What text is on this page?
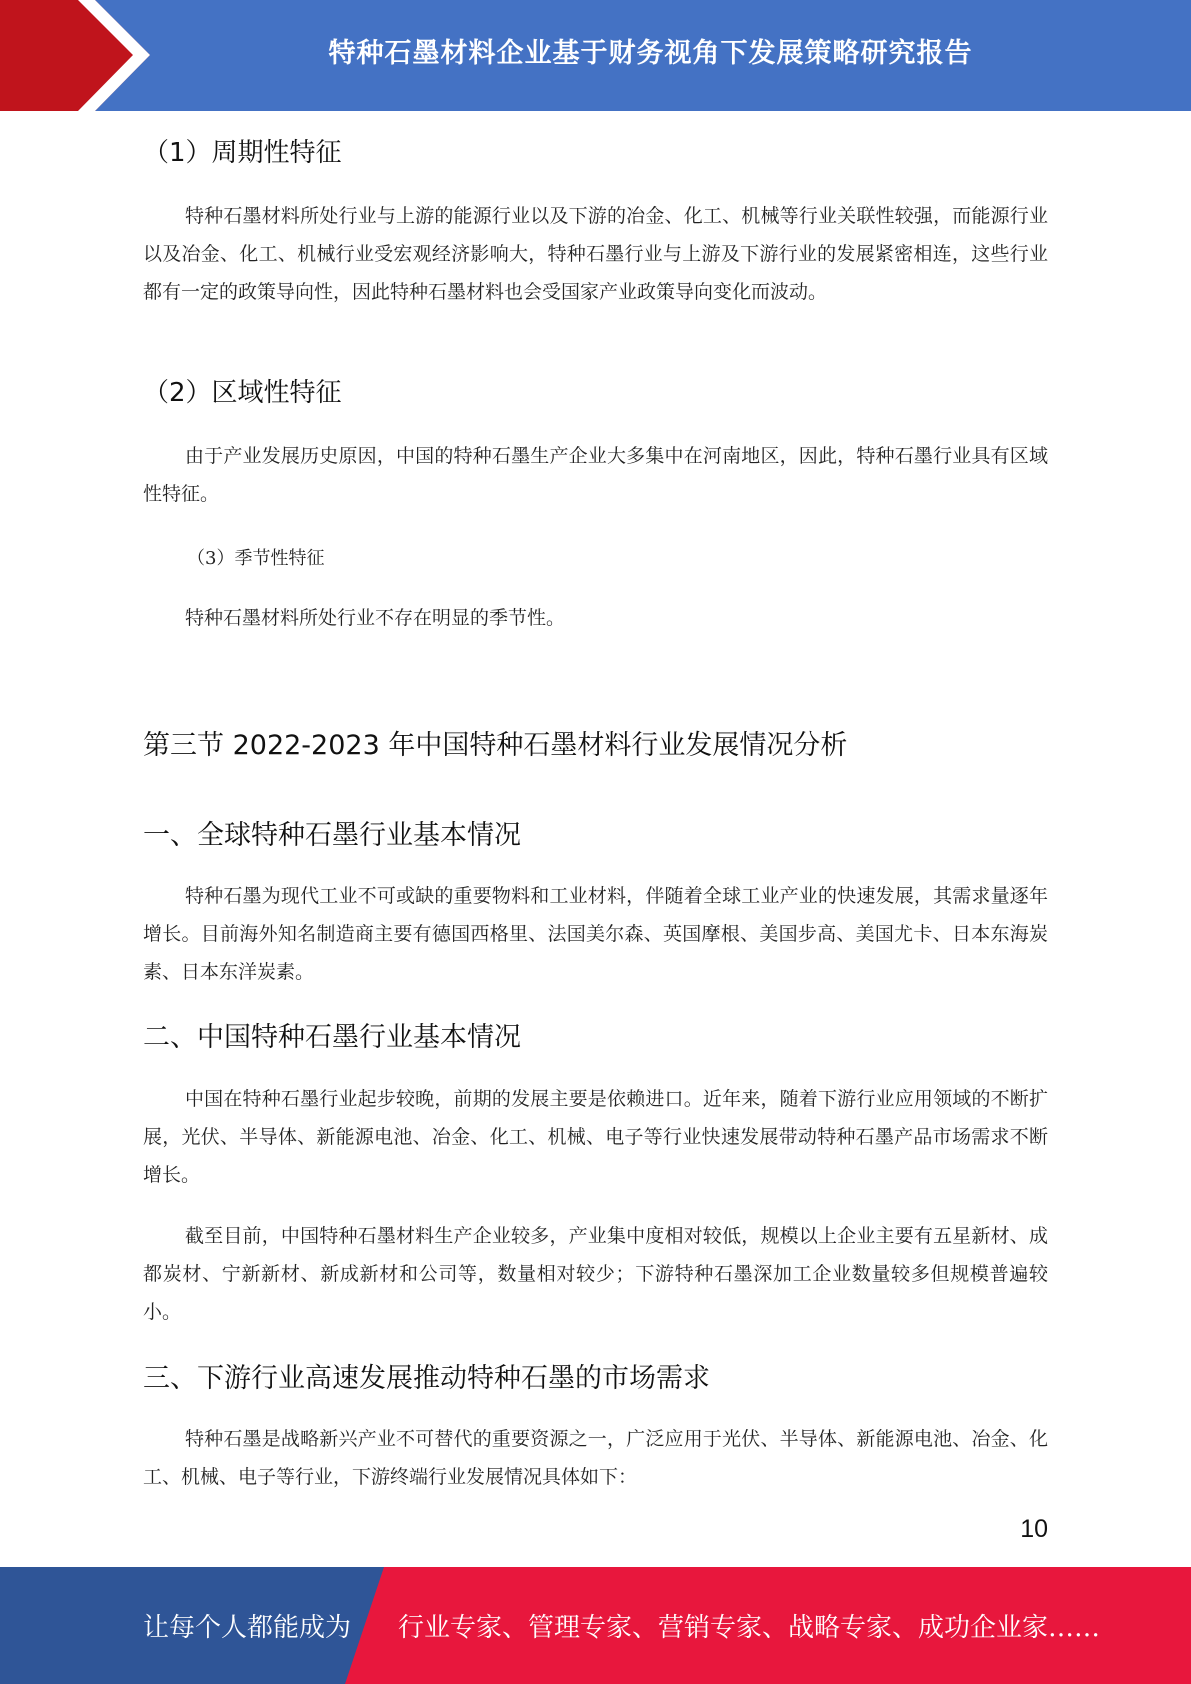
特种石墨材料企业基于财务视角下发展策略研究报告
（1）周期性特征
特种石墨材料所处行业与上游的能源行业以及下游的冶金、化工、机械等行业关联性较强，而能源行业以及冶金、化工、机械行业受宏观经济影响大，特种石墨行业与上游及下游行业的发展紧密相连，这些行业都有一定的政策导向性，因此特种石墨材料也会受国家产业政策导向变化而波动。
（2）区域性特征
由于产业发展历史原因，中国的特种石墨生产企业大多集中在河南地区，因此，特种石墨行业具有区域性特征。
（3）季节性特征
特种石墨材料所处行业不存在明显的季节性。
第三节 2022-2023 年中国特种石墨材料行业发展情况分析
一、全球特种石墨行业基本情况
特种石墨为现代工业不可或缺的重要物料和工业材料，伴随着全球工业产业的快速发展，其需求量逐年增长。目前海外知名制造商主要有德国西格里、法国美尔森、英国摩根、美国步高、美国尤卡、日本东海炭素、日本东洋炭素。
二、中国特种石墨行业基本情况
中国在特种石墨行业起步较晚，前期的发展主要是依赖进口。近年来，随着下游行业应用领域的不断扩展，光伏、半导体、新能源电池、冶金、化工、机械、电子等行业快速发展带动特种石墨产品市场需求不断增长。
截至目前，中国特种石墨材料生产企业较多，产业集中度相对较低，规模以上企业主要有五星新材、成都炭材、宁新新材、新成新材和公司等，数量相对较少；下游特种石墨深加工企业数量较多但规模普遍较小。
三、下游行业高速发展推动特种石墨的市场需求
特种石墨是战略新兴产业不可替代的重要资源之一，广泛应用于光伏、半导体、新能源电池、冶金、化工、机械、电子等行业，下游终端行业发展情况具体如下：
10
让每个人都能成为 行业专家、管理专家、营销专家、战略专家、成功企业家……
